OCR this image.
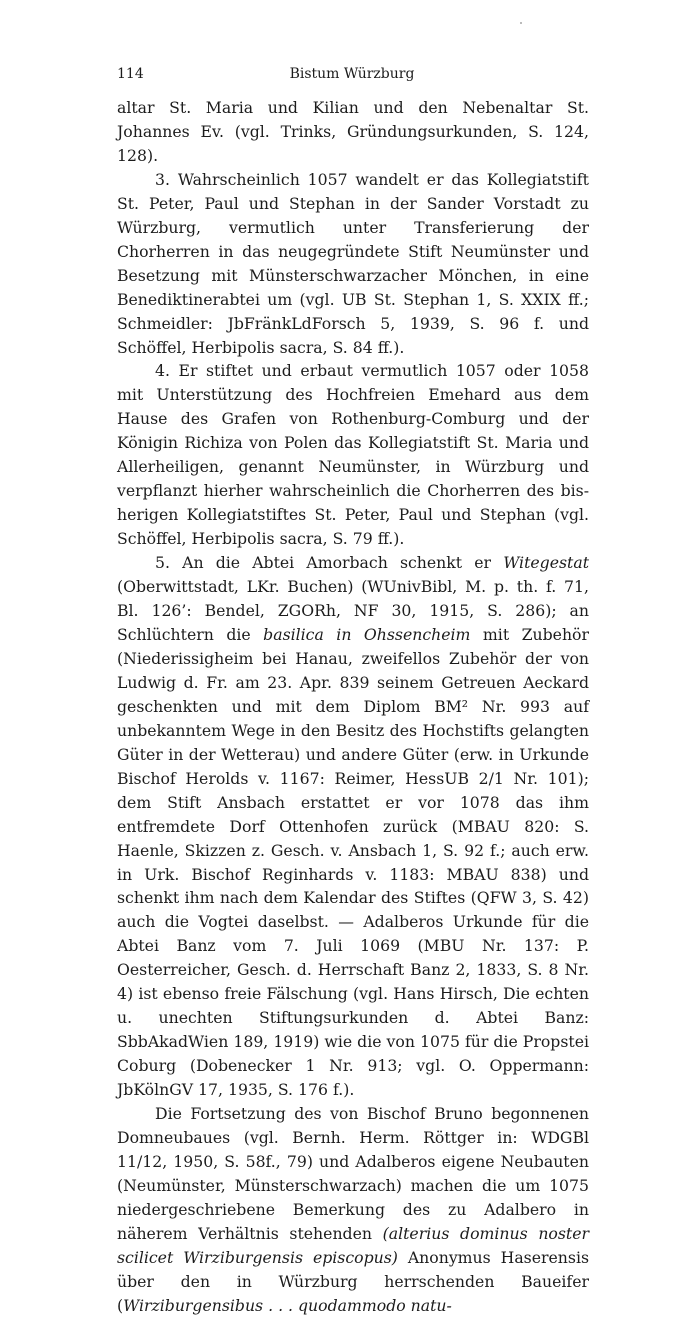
114	Bistum Würzburg

altar St. Maria und Kilian und den Nebenaltar St. Johannes Ev. (vgl. Trinks, Gründungsurkunden, S. 124, 128).

3. Wahrscheinlich 1057 wandelt er das Kollegiatstift St. Peter, Paul und Stephan in der Sander Vorstadt zu Würzburg, vermutlich unter Transferierung der Chorherren in das neugegründete Stift Neumünster und Besetzung mit Münsterschwarzacher Mönchen, in eine Benediktinerabtei um (vgl. UB St. Stephan 1, S. XXIX ff.; Schmeidler: JbFränkLdForsch 5, 1939, S. 96 f. und Schöffel, Herbipolis sacra, S. 84 ff.).

4. Er stiftet und erbaut vermutlich 1057 oder 1058 mit Unterstützung des Hochfreien Emehard aus dem Hause des Grafen von Rothenburg-Comburg und der Königin Richiza von Polen das Kollegiatstift St. Maria und Allerheiligen, genannt Neumünster, in Würzburg und verpflanzt hierher wahrscheinlich die Chorherren des bisherigen Kollegiatstiftes St. Peter, Paul und Stephan (vgl. Schöffel, Herbipolis sacra, S. 79 ff.).

5. An die Abtei Amorbach schenkt er Witegestat (Oberwittstadt, LKr. Buchen) (WUnivBibl, M. p. th. f. 71, Bl. 126’: Bendel, ZGORh, NF 30, 1915, S. 286); an Schlüchtern die basilica in Ohssencheim mit Zubehör (Niederissigheim bei Hanau, zweifellos Zubehör der von Ludwig d. Fr. am 23. Apr. 839 seinem Getreuen Aeckard geschenkten und mit dem Diplom BM² Nr. 993 auf unbekanntem Wege in den Besitz des Hochstifts gelangten Güter in der Wetterau) und andere Güter (erw. in Urkunde Bischof Herolds v. 1167: Reimer, HessUB 2/1 Nr. 101); dem Stift Ansbach erstattet er vor 1078 das ihm entfremdete Dorf Ottenhofen zurück (MBAU 820: S. Haenle, Skizzen z. Gesch. v. Ansbach 1, S. 92 f.; auch erw. in Urk. Bischof Reginhards v. 1183: MBAU 838) und schenkt ihm nach dem Kalendar des Stiftes (QFW 3, S. 42) auch die Vogtei daselbst. — Adalberos Urkunde für die Abtei Banz vom 7. Juli 1069 (MBU Nr. 137: P. Oesterreicher, Gesch. d. Herrschaft Banz 2, 1833, S. 8 Nr. 4) ist ebenso freie Fälschung (vgl. Hans Hirsch, Die echten u. unechten Stiftungsurkunden d. Abtei Banz: SbbAkadWien 189, 1919) wie die von 1075 für die Propstei Coburg (Dobenecker 1 Nr. 913; vgl. O. Oppermann: JbKölnGV 17, 1935, S. 176 f.).

Die Fortsetzung des von Bischof Bruno begonnenen Domneubaues (vgl. Bernh. Herm. Röttger in: WDGBl 11/12, 1950, S. 58f., 79) und Adalberos eigene Neubauten (Neumünster, Münsterschwarzach) machen die um 1075 niedergeschriebene Bemerkung des zu Adalbero in näherem Verhältnis stehenden (alterius dominus noster scilicet Wirziburgensis episcopus) Anonymus Haserensis über den in Würzburg herrschenden Baueifer (Wirziburgensibus . . . quodammodo natu-
